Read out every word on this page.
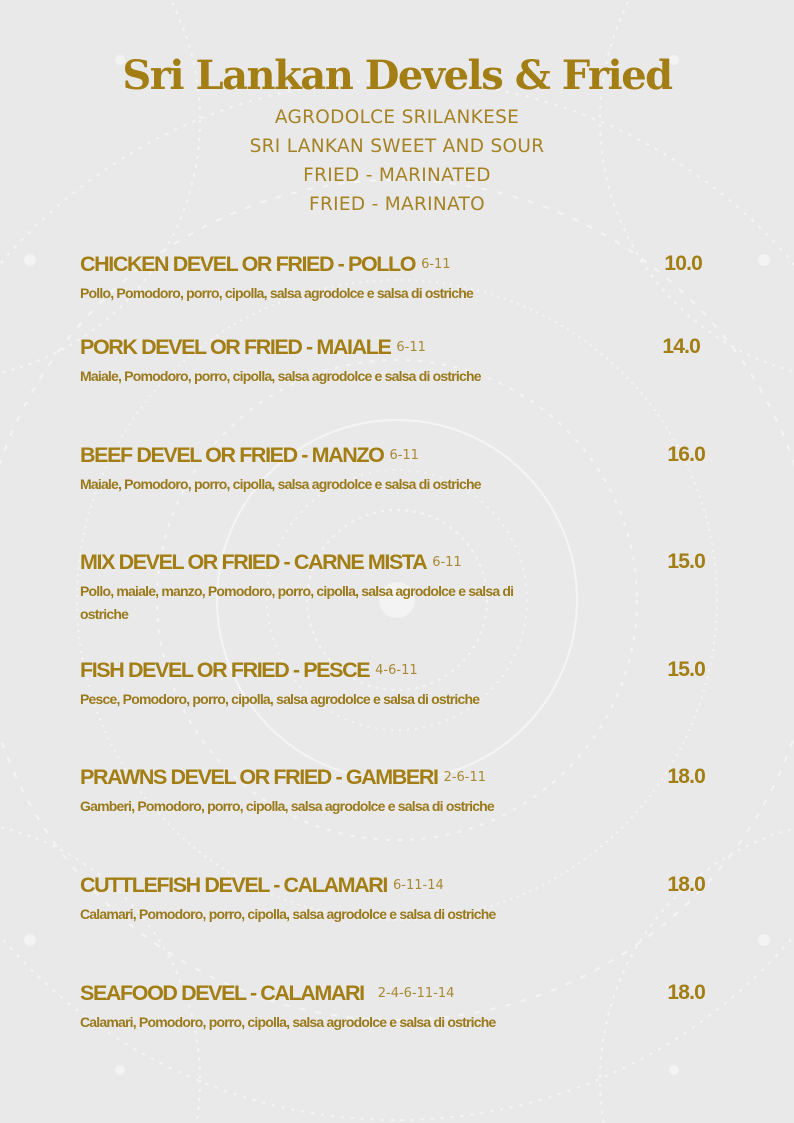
Sri Lankan Devels & Fried
AGRODOLCE SRILANKESE
SRI LANKAN SWEET AND SOUR
FRIED - MARINATED
FRIED - MARINATO
CHICKEN DEVEL OR FRIED - POLLO 6-11
Pollo, Pomodoro, porro, cipolla, salsa agrodolce e salsa di ostriche
10.0
PORK DEVEL OR FRIED - MAIALE 6-11
Maiale, Pomodoro, porro, cipolla, salsa agrodolce e salsa di ostriche
14.0
BEEF DEVEL OR FRIED - MANZO 6-11
Maiale, Pomodoro, porro, cipolla, salsa agrodolce e salsa di ostriche
16.0
MIX DEVEL OR FRIED - CARNE MISTA 6-11
Pollo, maiale, manzo, Pomodoro, porro, cipolla, salsa agrodolce e salsa di ostriche
15.0
FISH DEVEL OR FRIED - PESCE 4-6-11
Pesce, Pomodoro, porro, cipolla, salsa agrodolce e salsa di ostriche
15.0
PRAWNS DEVEL OR FRIED - GAMBERI 2-6-11
Gamberi, Pomodoro, porro, cipolla, salsa agrodolce e salsa di ostriche
18.0
CUTTLEFISH DEVEL - CALAMARI 6-11-14
Calamari, Pomodoro, porro, cipolla, salsa agrodolce e salsa di ostriche
18.0
SEAFOOD DEVEL - CALAMARI 2-4-6-11-14
Calamari, Pomodoro, porro, cipolla, salsa agrodolce e salsa di ostriche
18.0
